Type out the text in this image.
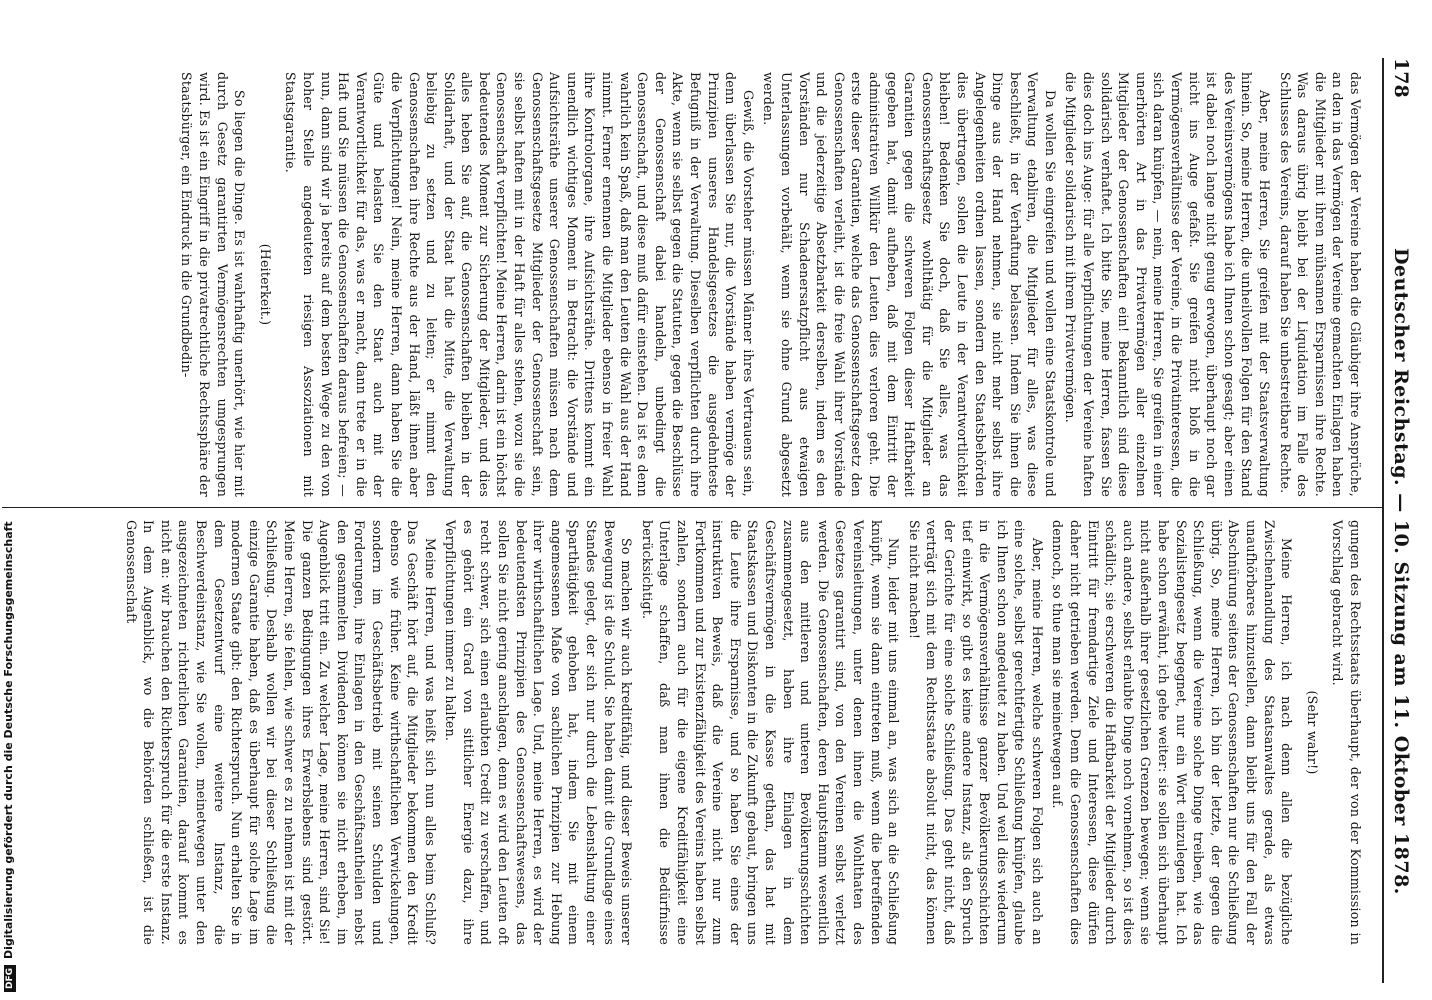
178
Deutscher Reichstag. — 10. Sitzung am 11. Oktober 1878.

das Vermögen der Vereine haben die Gläubiger ihre Ansprüche, an den in das Vermögen der Vereine gemachten Einlagen haben die Mitglieder mit ihren mühsamen Ersparnissen ihre Rechte. Was daraus übrig bleibt bei der Liquidation im Falle des Schlusses des Vereins, darauf haben Sie unbestreitbare Rechte.

Aber, meine Herren, Sie greifen mit der Staatsverwaltung hinein. So, meine Herren, die unheilvollen Folgen für den Stand des Vereinsvermögens habe ich Ihnen schon gesagt; aber einen ist dabei noch lange nicht genug erwogen, überhaupt noch gar nicht ins Auge gefaßt. Sie greifen nicht bloß in die Vermögensverhältnisse der Vereine, in die Privatinteressen, die sich daran knüpfen, — nein, meine Herren, Sie greifen in einer unerhörten Art in das Privatvermögen aller einzelnen Mitglieder der Genossenschaften ein! Bekanntlich sind diese solidarisch verhaftet. Ich bitte Sie, meine Herren, fassen Sie dies doch ins Auge: für alle Verpflichtungen der Vereine haften die Mitglieder solidarisch mit ihrem Privatvermögen.

Da wollen Sie eingreifen und wollen eine Staatskontrole und Verwaltung etabliren, die Mitglieder für alles, was diese beschließt, in der Verhaftung belassen. Indem Sie ihnen die Dinge aus der Hand nehmen, sie nicht mehr selbst ihre Angelegenheiten ordnen lassen, sondern den Staatsbehörden dies übertragen, sollen die Leute in der Verantwortlichkeit bleiben! Bedenken Sie doch, daß Sie alles, was das Genossenschaftsgesetz wohlthätig für die Mitglieder an Garantien gegen die schweren Folgen dieser Haftbarkeit gegeben hat, damit aufheben, daß mit dem Eintritt der administrativen Willkür den Leuten dies verloren geht. Die erste dieser Garantien, welche das Genossenschaftsgesetz den Genossenschaften verleiht, ist die freie Wahl ihrer Vorstände und die jederzeitige Absetzbarkeit derselben, indem es den Vorständen nur Schadenersatzpflicht aus etwaigen Unterlassungen vorbehält, wenn sie ohne Grund abgesetzt werden.

Gewiß, die Vorsteher müssen Männer ihres Vertrauens sein, denn überlassen Sie nur, die Vorstände haben vermöge der Prinzipien unseres Handelsgesetzes die ausgedehnteste Befugniß in der Verwaltung. Dieselben verpflichten durch ihre Akte, wenn sie selbst gegen die Statuten, gegen die Beschlüsse der Genossenschaft dabei handeln, unbedingt die Genossenschaft, und diese muß dafür einstehen. Da ist es denn wahrlich kein Spaß, daß man den Leuten die Wahl aus der Hand nimmt. Ferner ernennen die Mitglieder ebenso in freier Wahl ihre Kontrolorgane, ihre Aufsichtsräthe. Drittens kommt ein unendlich wichtiges Moment in Betracht: die Vorstände und Aufsichtsräthe unserer Genossenschaften müssen nach dem Genossenschaftsgesetze Mitglieder der Genossenschaft sein, sie selbst haften mit in der Haft für alles stehen, wozu sie die Genossenschaft verpflichten! Meine Herren, darin ist ein höchst bedeutendes Moment zur Sicherung der Mitglieder, und dies alles heben Sie auf, die Genossenschaften bleiben in der Solidarhaft, und der Staat hat die Mitte, die Verwaltung beliebig zu setzen und zu leiten; er nimmt den Genossenschaften ihre Rechte aus der Hand, läßt ihnen aber die Verpflichtungen! Nein, meine Herren, dann haben Sie die Güte und belasten Sie den Staat auch mit der Verantwortlichkeit für das, was er macht, dann trete er in die Haft und Sie müssen die Genossenschaften daraus befreien; — nun, dann sind wir ja bereits auf dem besten Wege zu den von hoher Stelle angedeuteten riesigen Assoziationen mit Staatsgarantie.

(Heiterkeit.)

So liegen die Dinge. Es ist wahrhaftig unerhört, wie hier mit durch Gesetz garantirten Vermögensrechten umgesprungen wird. Es ist ein Eingriff in die privatrechtliche Rechtssphäre der Staatsbürger, ein Eindruck in die Grundbedin-

gungen des Rechtsstaats überhaupt, der von der Kommission in Vorschlag gebracht wird.

(Sehr wahr!)

Meine Herren, ich nach denn allen die bezügliche Zwischenhandlung des Staatsanwaltes gerade, als etwas unaufhörbares hinzustellen, dann bleibt uns für den Fall der Abschnürung seitens der Genossenschaften nur die Schließung übrig. So, meine Herren, ich bin der letzte, der gegen die Schließung, wenn die Vereine solche Dinge treiben, wie das Sozialistengesetz begegnet, nur ein Wort einzulegen hat. Ich habe schon erwähnt, ich gehe weiter: sie sollen sich überhaupt nicht außerhalb ihrer gesetzlichen Grenzen bewegen; wenn sie auch andere, selbst erlaubte Dinge noch vornehmen, so ist dies schädlich; sie erschweren die Haftbarkeit der Mitglieder durch Eintritt für fremdartige Ziele und Interessen, diese dürfen daher nicht getrieben werden. Denn die Genossenschaften dies dennoch, so thue man sie meinetwegen auf.

Aber, meine Herren, welche schweren Folgen sich auch an eine solche, selbst gerechtfertigte Schließung knüpfen, glaube ich Ihnen schon angedeutet zu haben. Und weil dies wiederum in die Vermögensverhältnisse ganzer Bevölkerungsschichten tief einwirkt, so gibt es keine andere Instanz, als den Spruch der Gerichte für eine solche Schließung. Das geht nicht, daß verträgt sich mit dem Rechtsstaate absolut nicht, das können Sie nicht machen!

Nun, leider mit uns einmal an, was sich an die Schließung knüpft, wenn sie dann eintreten muß, wenn die betreffenden Vereinsleitungen, unter denen ihnen die Wohlthaten des Gesetzes garantirt sind, von den Vereinen selbst verletzt werden. Die Genossenschaften, deren Hauptstamm wesentlich aus den mittleren und unteren Bevölkerungsschichten zusammengesetzt, haben ihre Einlagen in dem Geschäftsvermögen in die Kasse gethan, das hat mit Staatskassen und Diskonten in die Zukunft gebaut, bringen uns die Leute ihre Ersparnisse, und so haben Sie eines der instruktiven Beweis, daß die Vereine nicht nur zum Fortkommen und zur Existenzfähigkeit des Vereins haben selbst zahlen, sondern auch für die eigene Kreditfähigkeit eine Unterlage schaffen, daß man ihnen die Bedürfnisse berücksichtigt.

So machen wir auch kreditfähig, und dieser Beweis unserer Bewegung ist die Schuld. Sie haben damit die Grundlage eines Standes gelegt, der sich nur durch die Lebenshaltung einer Sparthätigkeit gehoben hat, indem Sie mit einem angemessenen Maße von sachlichen Prinzipien zur Hebung ihrer wirthschaftlichen Lage. Und, meine Herren, es wird der bedeutendsten Prinzipien des Genossenschaftswesens, das sollen Sie nicht gering anschlagen, denn es wird den Leuten oft recht schwer, sich einen erlaubten Credit zu verschaffen, und es gehört ein Grad von sittlicher Energie dazu, ihre Verpflichtungen immer zu halten.

Meine Herren, und was heißt sich nun alles beim Schluß? Das Geschäft hört auf, die Mitglieder bekommen den Kredit ebenso wie früher. Keine wirthschaftlichen Verwickelungen, sondern im Geschäftsbetrieb mit seinen Schulden und Forderungen, ihre Einlagen in den Geschäftsantheilen nebst den gesammelten Dividenden können sie nicht erheben, im Augenblick tritt ein. Zu welcher Lage, meine Herren, sind Sie! Die ganzen Bedingungen ihres Erwerbslebens sind gestört. Meine Herren, sie fehlen, wie schwer es zu nehmen ist mit der Schließung. Deshalb wollen wir bei dieser Schließung die einzige Garantie haben, daß es überhaupt für solche Lage im modernen Staate gibt: den Richterspruch. Nun erhalten Sie in dem Gesetzentwurf eine weitere Instanz, die Beschwerdeinstanz, wie Sie wollen, meinetwegen unter den ausgezeichneten richterlichen Garantien, darauf kommt es nicht an: wir brauchen den Richterspruch für die erste Instanz. In dem Augenblick, wo die Behörden schließen, ist die Genossenschaft

DFGDigitalisierung gefördert durch die Deutsche Forschungsgemeinschaft
